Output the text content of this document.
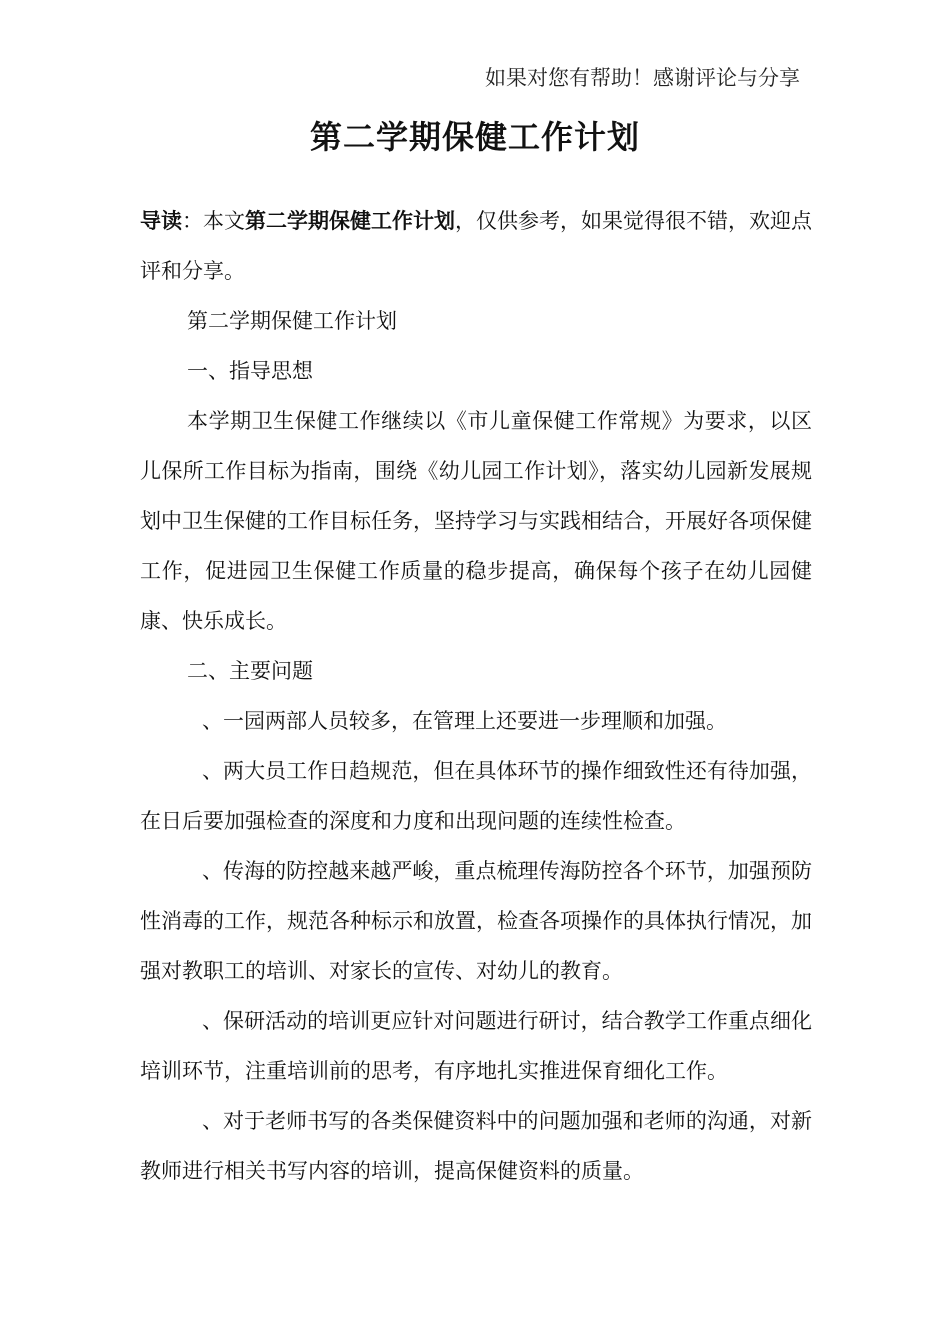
如果对您有帮助！感谢评论与分享
第二学期保健工作计划

导读：本文第二学期保健工作计划，仅供参考，如果觉得很不错，欢迎点评和分享。

第二学期保健工作计划

一、指导思想

本学期卫生保健工作继续以《市儿童保健工作常规》为要求，以区儿保所工作目标为指南，围绕《幼儿园工作计划》，落实幼儿园新发展规划中卫生保健的工作目标任务，坚持学习与实践相结合，开展好各项保健工作，促进园卫生保健工作质量的稳步提高，确保每个孩子在幼儿园健康、快乐成长。

二、主要问题

、一园两部人员较多，在管理上还要进一步理顺和加强。

、两大员工作日趋规范，但在具体环节的操作细致性还有待加强，在日后要加强检查的深度和力度和出现问题的连续性检查。

、传海的防控越来越严峻，重点梳理传海防控各个环节，加强预防性消毒的工作，规范各种标示和放置，检查各项操作的具体执行情况，加强对教职工的培训、对家长的宣传、对幼儿的教育。

、保研活动的培训更应针对问题进行研讨，结合教学工作重点细化培训环节，注重培训前的思考，有序地扎实推进保育细化工作。

、对于老师书写的各类保健资料中的问题加强和老师的沟通，对新教师进行相关书写内容的培训，提高保健资料的质量。
